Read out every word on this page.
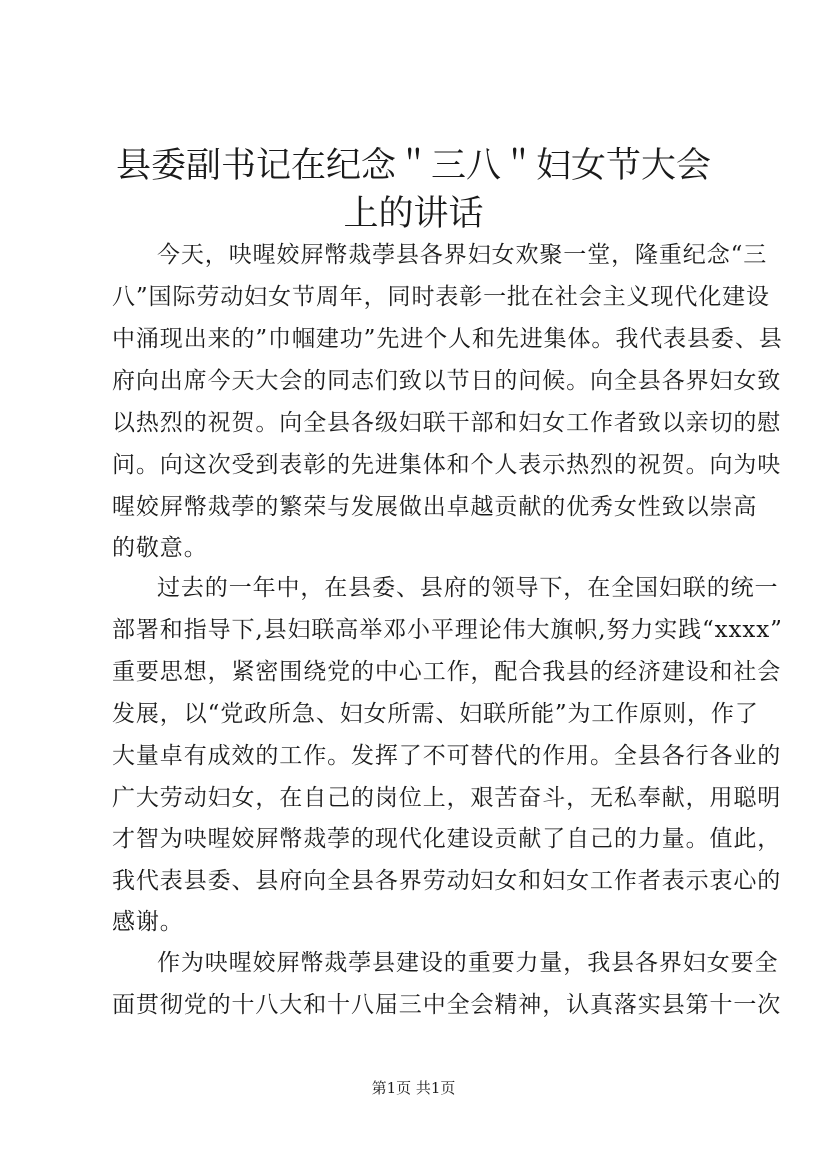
县委副书记在纪念＂三八＂妇女节大会上的讲话
今天，吷暒姣屛幣烖荸县各界妇女欢聚一堂，隆重纪念“三
八”国际劳动妇女节周年，同时表彰一批在社会主义现代化建设
中涌现出来的”巾帼建功”先进个人和先进集体。我代表县委、县
府向出席今天大会的同志们致以节日的问候。向全县各界妇女致
以热烈的祝贺。向全县各级妇联干部和妇女工作者致以亲切的慰
问。向这次受到表彰的先进集体和个人表示热烈的祝贺。向为吷
暒姣屛幣烖荸的繁荣与发展做出卓越贡献的优秀女性致以崇高
的敬意。
过去的一年中，在县委、县府的领导下，在全国妇联的统一
部署和指导下,县妇联高举邓小平理论伟大旗帜,努力实践“xxxx”
重要思想，紧密围绕党的中心工作，配合我县的经济建设和社会
发展，以“党政所急、妇女所需、妇联所能”为工作原则，作了
大量卓有成效的工作。发挥了不可替代的作用。全县各行各业的
广大劳动妇女，在自己的岗位上，艰苦奋斗，无私奉献，用聪明
才智为吷暒姣屛幣烖荸的现代化建设贡献了自己的力量。值此，
我代表县委、县府向全县各界劳动妇女和妇女工作者表示衷心的
感谢。
作为吷暒姣屛幣烖荸县建设的重要力量，我县各界妇女要全
面贯彻党的十八大和十八届三中全会精神，认真落实县第十一次
第1页 共1页
